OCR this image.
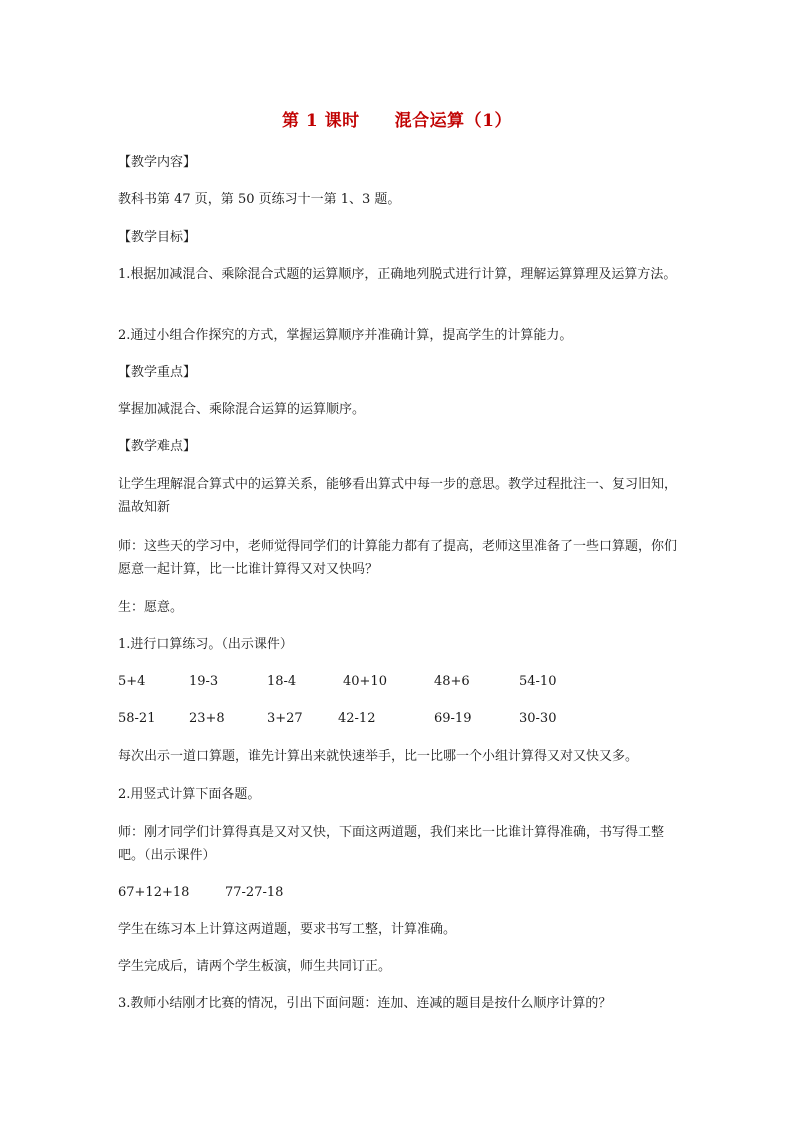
第 1 课时　　混合运算（1）

【教学内容】

教科书第 47 页，第 50 页练习十一第 1、3 题。

【教学目标】

1.根据加减混合、乘除混合式题的运算顺序，正确地列脱式进行计算，理解运算算理及运算方法。

2.通过小组合作探究的方式，掌握运算顺序并准确计算，提高学生的计算能力。

【教学重点】

掌握加减混合、乘除混合运算的运算顺序。

【教学难点】

让学生理解混合算式中的运算关系，能够看出算式中每一步的意思。教学过程批注一、复习旧知，温故知新

师：这些天的学习中，老师觉得同学们的计算能力都有了提高，老师这里准备了一些口算题，你们愿意一起计算，比一比谁计算得又对又快吗？

生：愿意。

1.进行口算练习。（出示课件）

5+4	19-3	18-4	40+10	48+6	54-10
58-21	23+8	3+27	42-12	69-19	30-30

每次出示一道口算题，谁先计算出来就快速举手，比一比哪一个小组计算得又对又快又多。

2.用竖式计算下面各题。

师：刚才同学们计算得真是又对又快，下面这两道题，我们来比一比谁计算得准确，书写得工整吧。（出示课件）

67+12+18	77-27-18

学生在练习本上计算这两道题，要求书写工整，计算准确。

学生完成后，请两个学生板演，师生共同订正。

3.教师小结刚才比赛的情况，引出下面问题：连加、连减的题目是按什么顺序计算的？
